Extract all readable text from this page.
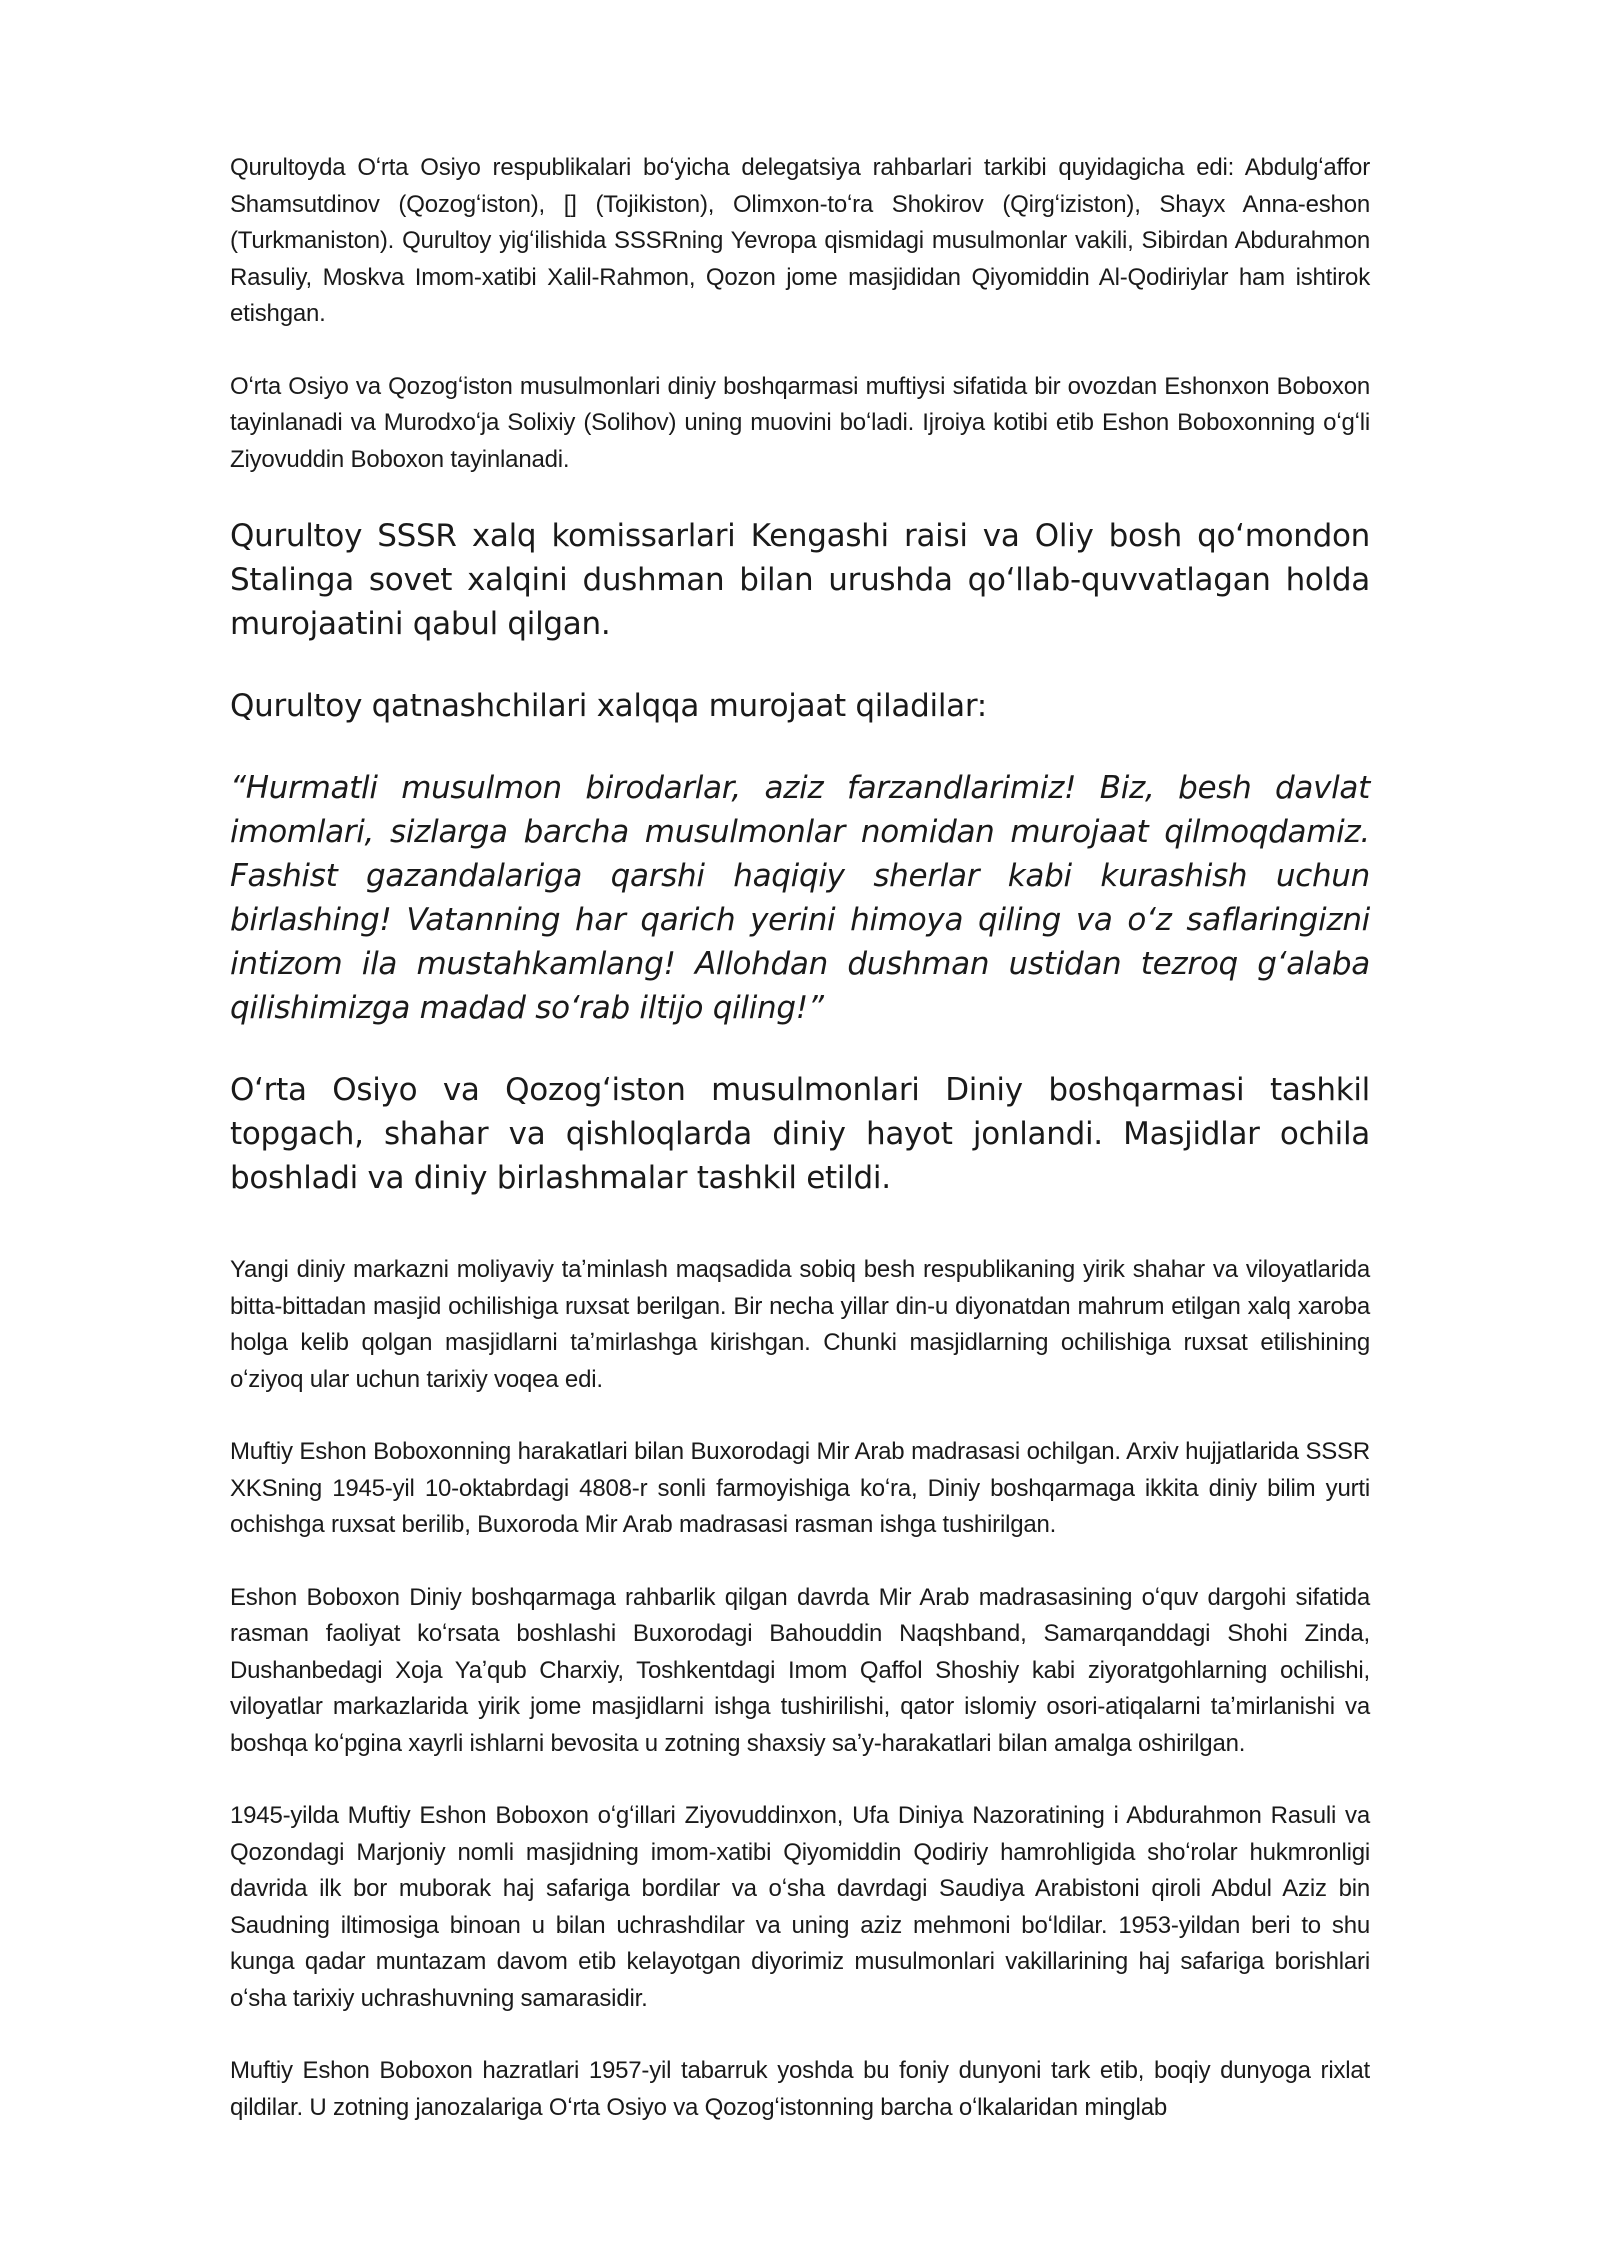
Qurultoyda Oʻrta Osiyo respublikalari boʻyicha delegatsiya rahbarlari tarkibi quyidagicha edi: Abdulgʻaffor Shamsutdinov (Qozogʻiston), [] (Tojikiston), Olimxon-toʻra Shokirov (Qirgʻiziston), Shayx Anna-eshon (Turkmaniston). Qurultoy yigʻilishida SSSRning Yevropa qismidagi musulmonlar vakili, Sibirdan Abdurahmon Rasuliy, Moskva Imom-xatibi Xalil-Rahmon, Qozon jome masjididan Qiyomiddin Al-Qodiriylar ham ishtirok etishgan.

Oʻrta Osiyo va Qozogʻiston musulmonlari diniy boshqarmasi muftiysi sifatida bir ovozdan Eshonxon Boboxon tayinlanadi va Murodxoʻja Solixiy (Solihov) uning muovini boʻladi. Ijroiya kotibi etib Eshon Boboxonning oʻgʻli Ziyovuddin Boboxon tayinlanadi.

Qurultoy SSSR xalq komissarlari Kengashi raisi va Oliy bosh qoʻmondon Stalinga sovet xalqini dushman bilan urushda qoʻllab-quvvatlagan holda murojaatini qabul qilgan.

Qurultoy qatnashchilari xalqqa murojaat qiladilar:

“Hurmatli musulmon birodarlar, aziz farzandlarimiz! Biz, besh davlat imomlari, sizlarga barcha musulmonlar nomidan murojaat qilmoqdamiz. Fashist gazandalariga qarshi haqiqiy sherlar kabi kurashish uchun birlashing! Vatanning har qarich yerini himoya qiling va oʻz saflaringizni intizom ila mustahkamlang! Allohdan dushman ustidan tezroq gʻalaba qilishimizga madad soʻrab iltijo qiling!”

Oʻrta Osiyo va Qozogʻiston musulmonlari Diniy boshqarmasi tashkil topgach, shahar va qishloqlarda diniy hayot jonlandi. Masjidlar ochila boshladi va diniy birlashmalar tashkil etildi.

Yangi diniy markazni moliyaviy taʼminlash maqsadida sobiq besh respublikaning yirik shahar va viloyatlarida bitta-bittadan masjid ochilishiga ruxsat berilgan. Bir necha yillar din-u diyonatdan mahrum etilgan xalq xaroba holga kelib qolgan masjidlarni taʼmirlashga kirishgan. Chunki masjidlarning ochilishiga ruxsat etilishining oʻziyoq ular uchun tarixiy voqea edi.

Muftiy Eshon Boboxonning harakatlari bilan Buxorodagi Mir Arab madrasasi ochilgan. Arxiv hujjatlarida SSSR XKSning 1945-yil 10-oktabrdagi 4808-r sonli farmoyishiga koʻra, Diniy boshqarmaga ikkita diniy bilim yurti ochishga ruxsat berilib, Buxoroda Mir Arab madrasasi rasman ishga tushirilgan.

Eshon Boboxon Diniy boshqarmaga rahbarlik qilgan davrda Mir Arab madrasasining oʻquv dargohi sifatida rasman faoliyat koʻrsata boshlashi Buxorodagi Bahouddin Naqshband, Samarqanddagi Shohi Zinda, Dushanbedagi Xoja Yaʼqub Charxiy, Toshkentdagi Imom Qaffol Shoshiy kabi ziyoratgohlarning ochilishi, viloyatlar markazlarida yirik jome masjidlarni ishga tushirilishi, qator islomiy osori-atiqalarni taʼmirlanishi va boshqa koʻpgina xayrli ishlarni bevosita u zotning shaxsiy saʼy-harakatlari bilan amalga oshirilgan.

1945-yilda Muftiy Eshon Boboxon oʻgʻillari Ziyovuddinxon, Ufa Diniya Nazoratining i Abdurahmon Rasuli va Qozondagi Marjoniy nomli masjidning imom-xatibi Qiyomiddin Qodiriy hamrohligida shoʻrolar hukmronligi davrida ilk bor muborak haj safariga bordilar va oʻsha davrdagi Saudiya Arabistoni qiroli Abdul Aziz bin Saudning iltimosiga binoan u bilan uchrashdilar va uning aziz mehmoni boʻldilar. 1953-yildan beri to shu kunga qadar muntazam davom etib kelayotgan diyorimiz musulmonlari vakillarining haj safariga borishlari oʻsha tarixiy uchrashuvning samarasidir.

Muftiy Eshon Boboxon hazratlari 1957-yil tabarruk yoshda bu foniy dunyoni tark etib, boqiy dunyoga rixlat qildilar. U zotning janozalariga Oʻrta Osiyo va Qozogʻistonning barcha oʻlkalaridan minglab
